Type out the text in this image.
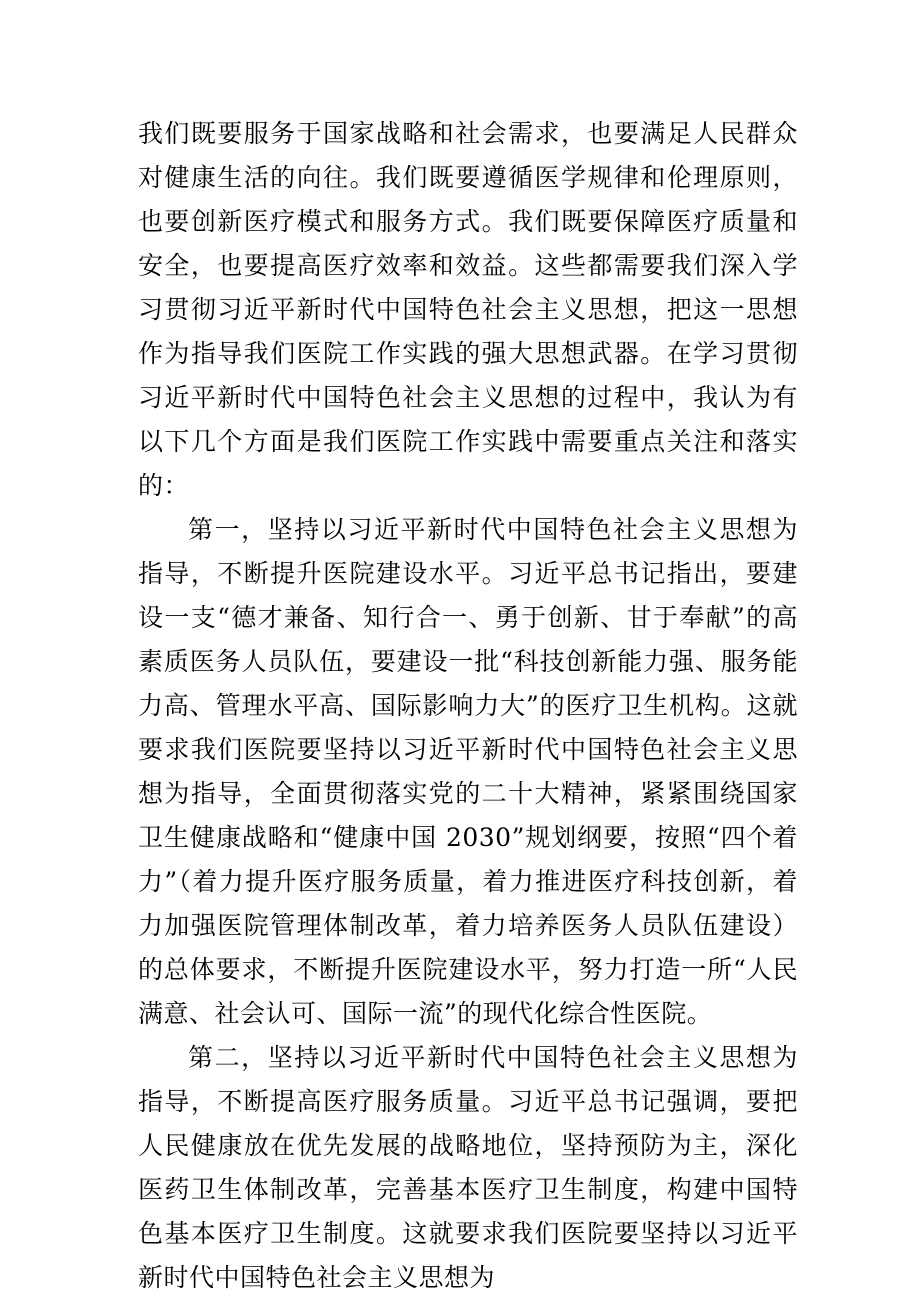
我们既要服务于国家战略和社会需求，也要满足人民群众对健康生活的向往。我们既要遵循医学规律和伦理原则，也要创新医疗模式和服务方式。我们既要保障医疗质量和安全，也要提高医疗效率和效益。这些都需要我们深入学习贯彻习近平新时代中国特色社会主义思想，把这一思想作为指导我们医院工作实践的强大思想武器。在学习贯彻习近平新时代中国特色社会主义思想的过程中，我认为有以下几个方面是我们医院工作实践中需要重点关注和落实的：

第一，坚持以习近平新时代中国特色社会主义思想为指导，不断提升医院建设水平。习近平总书记指出，要建设一支“德才兼备、知行合一、勇于创新、甘于奉献”的高素质医务人员队伍，要建设一批“科技创新能力强、服务能力高、管理水平高、国际影响力大”的医疗卫生机构。这就要求我们医院要坚持以习近平新时代中国特色社会主义思想为指导，全面贯彻落实党的二十大精神，紧紧围绕国家卫生健康战略和“健康中国 2030”规划纲要，按照“四个着力”（着力提升医疗服务质量，着力推进医疗科技创新，着力加强医院管理体制改革，着力培养医务人员队伍建设）的总体要求，不断提升医院建设水平，努力打造一所“人民满意、社会认可、国际一流”的现代化综合性医院。

第二，坚持以习近平新时代中国特色社会主义思想为指导，不断提高医疗服务质量。习近平总书记强调，要把人民健康放在优先发展的战略地位，坚持预防为主，深化医药卫生体制改革，完善基本医疗卫生制度，构建中国特色基本医疗卫生制度。这就要求我们医院要坚持以习近平新时代中国特色社会主义思想为
